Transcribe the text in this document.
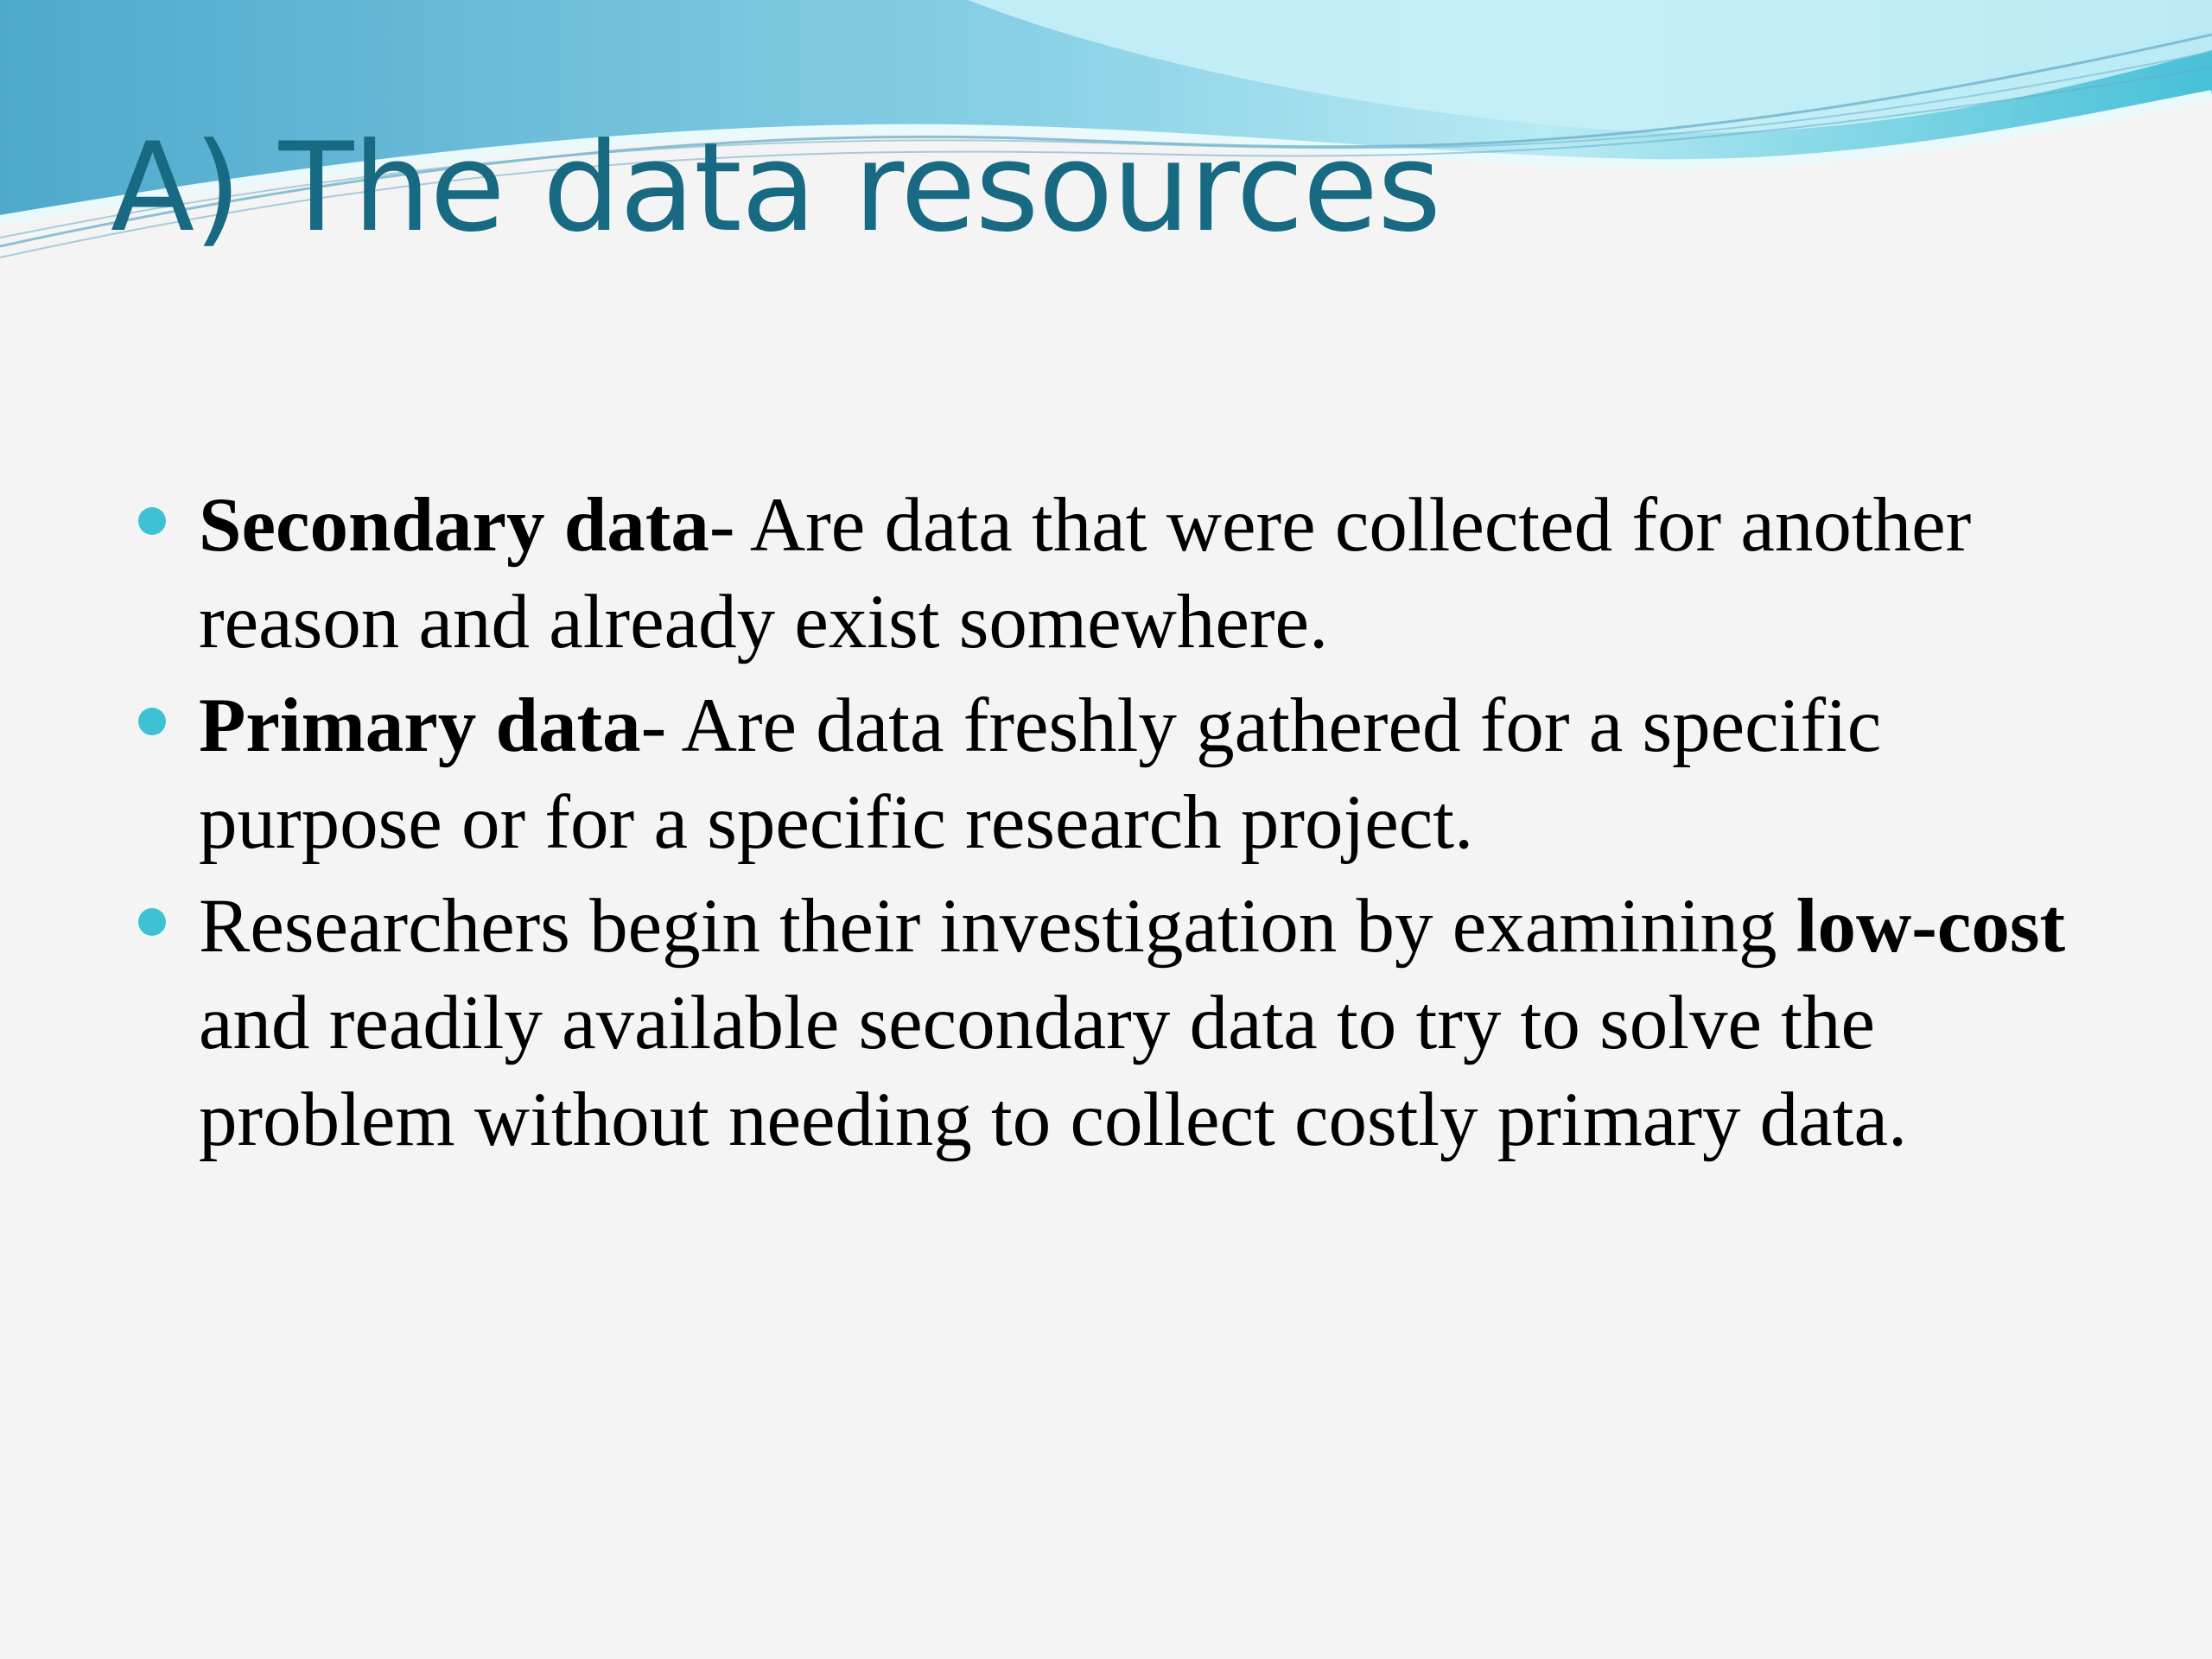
A) The data resources
Secondary data- Are data that were collected for another reason and already exist somewhere.
Primary data- Are data freshly gathered for a specific purpose or for a specific research project.
Researchers begin their investigation by examining low-cost and readily available secondary data to try to solve the problem without needing to collect costly primary data.
